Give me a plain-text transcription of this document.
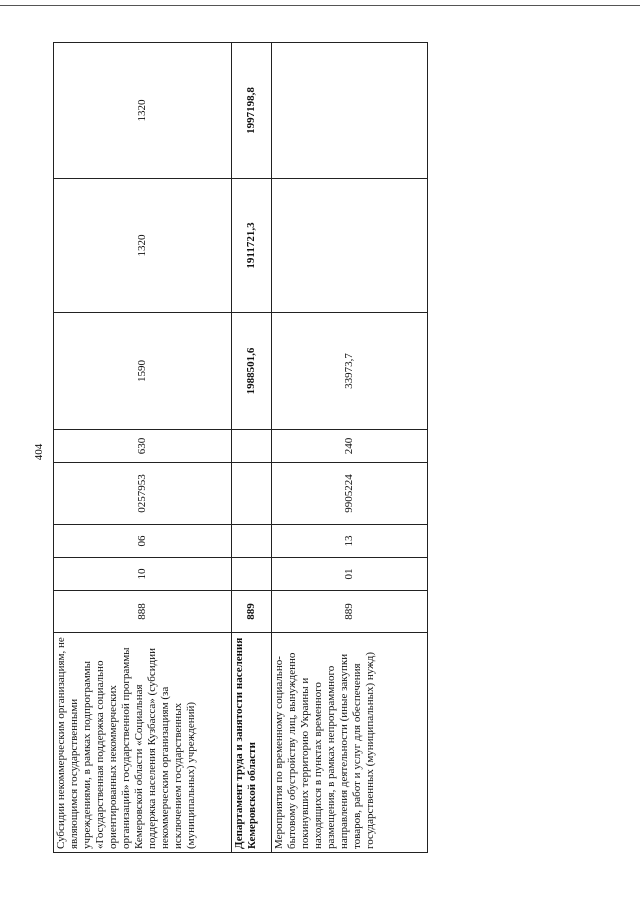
404
Субсидии некоммерческим организациям, не являющимся государственными учреждениями, в рамках подпрограммы «Государственная поддержка социально ориентированных некоммерческих организаций» государственной программы Кемеровской области «Социальная поддержка населения Кузбасса» (субсидии некоммерческим организациям (за исключением государственных (муниципальных) учреждений)	888	10	06	0257953	630	1590	1320	1320
Департамент труда и занятости населения Кемеровской области	889					1988501,6	1911721,3	1997198,8
Мероприятия по временному социально-бытовому обустройству лиц, вынужденно покинувших территорию Украины и находящихся в пунктах временного размещения, в рамках непрограммного направления деятельности (иные закупки товаров, работ и услуг для обеспечения государственных (муниципальных) нужд)	889	01	13	9905224	240	33973,7		
